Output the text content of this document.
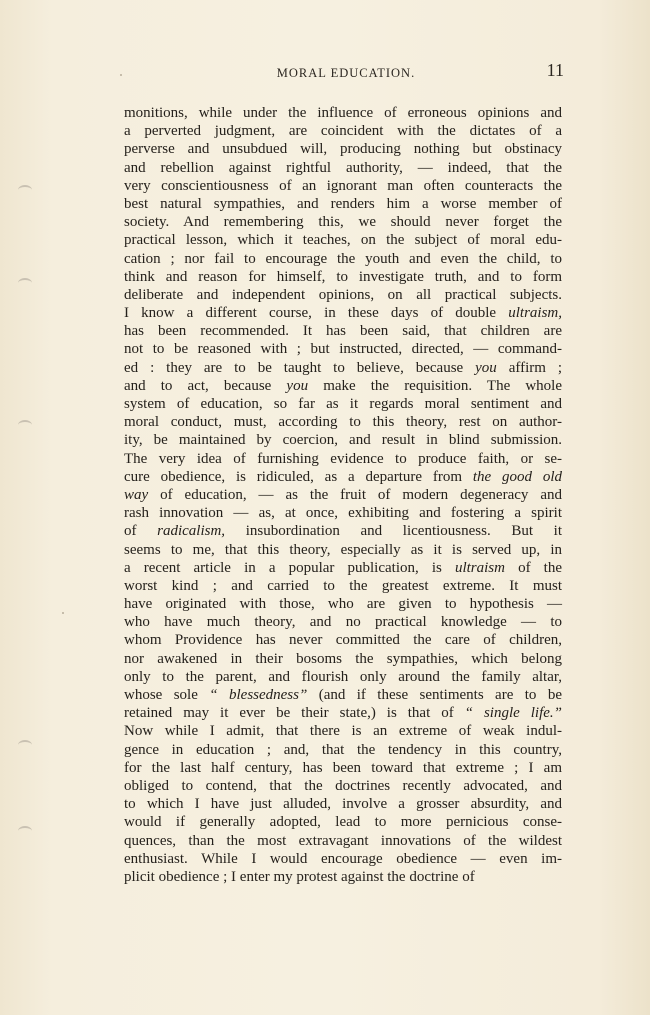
MORAL EDUCATION.	11
monitions, while under the influence of erroneous opinions and
a perverted judgment, are coincident with the dictates of a
perverse and unsubdued will, producing nothing but obstinacy
and rebellion against rightful authority, — indeed, that the
very conscientiousness of an ignorant man often counteracts the
best natural sympathies, and renders him a worse member of
society. And remembering this, we should never forget the
practical lesson, which it teaches, on the subject of moral edu-
cation ; nor fail to encourage the youth and even the child, to
think and reason for himself, to investigate truth, and to form
deliberate and independent opinions, on all practical subjects.
I know a different course, in these days of double ultraism,
has been recommended. It has been said, that children are
not to be reasoned with ; but instructed, directed, — command-
ed : they are to be taught to believe, because you affirm ;
and to act, because you make the requisition. The whole
system of education, so far as it regards moral sentiment and
moral conduct, must, according to this theory, rest on author-
ity, be maintained by coercion, and result in blind submission.
The very idea of furnishing evidence to produce faith, or se-
cure obedience, is ridiculed, as a departure from the good old
way of education, — as the fruit of modern degeneracy and
rash innovation — as, at once, exhibiting and fostering a spirit
of radicalism, insubordination and licentiousness. But it
seems to me, that this theory, especially as it is served up, in
a recent article in a popular publication, is ultraism of the
worst kind ; and carried to the greatest extreme. It must
have originated with those, who are given to hypothesis —
who have much theory, and no practical knowledge — to
whom Providence has never committed the care of children,
nor awakened in their bosoms the sympathies, which belong
only to the parent, and flourish only around the family altar,
whose sole “ blessedness” (and if these sentiments are to be
retained may it ever be their state,) is that of “ single life.”
Now while I admit, that there is an extreme of weak indul-
gence in education ; and, that the tendency in this country,
for the last half century, has been toward that extreme ; I am
obliged to contend, that the doctrines recently advocated, and
to which I have just alluded, involve a grosser absurdity, and
would if generally adopted, lead to more pernicious conse-
quences, than the most extravagant innovations of the wildest
enthusiast. While I would encourage obedience — even im-
plicit obedience ; I enter my protest against the doctrine of
